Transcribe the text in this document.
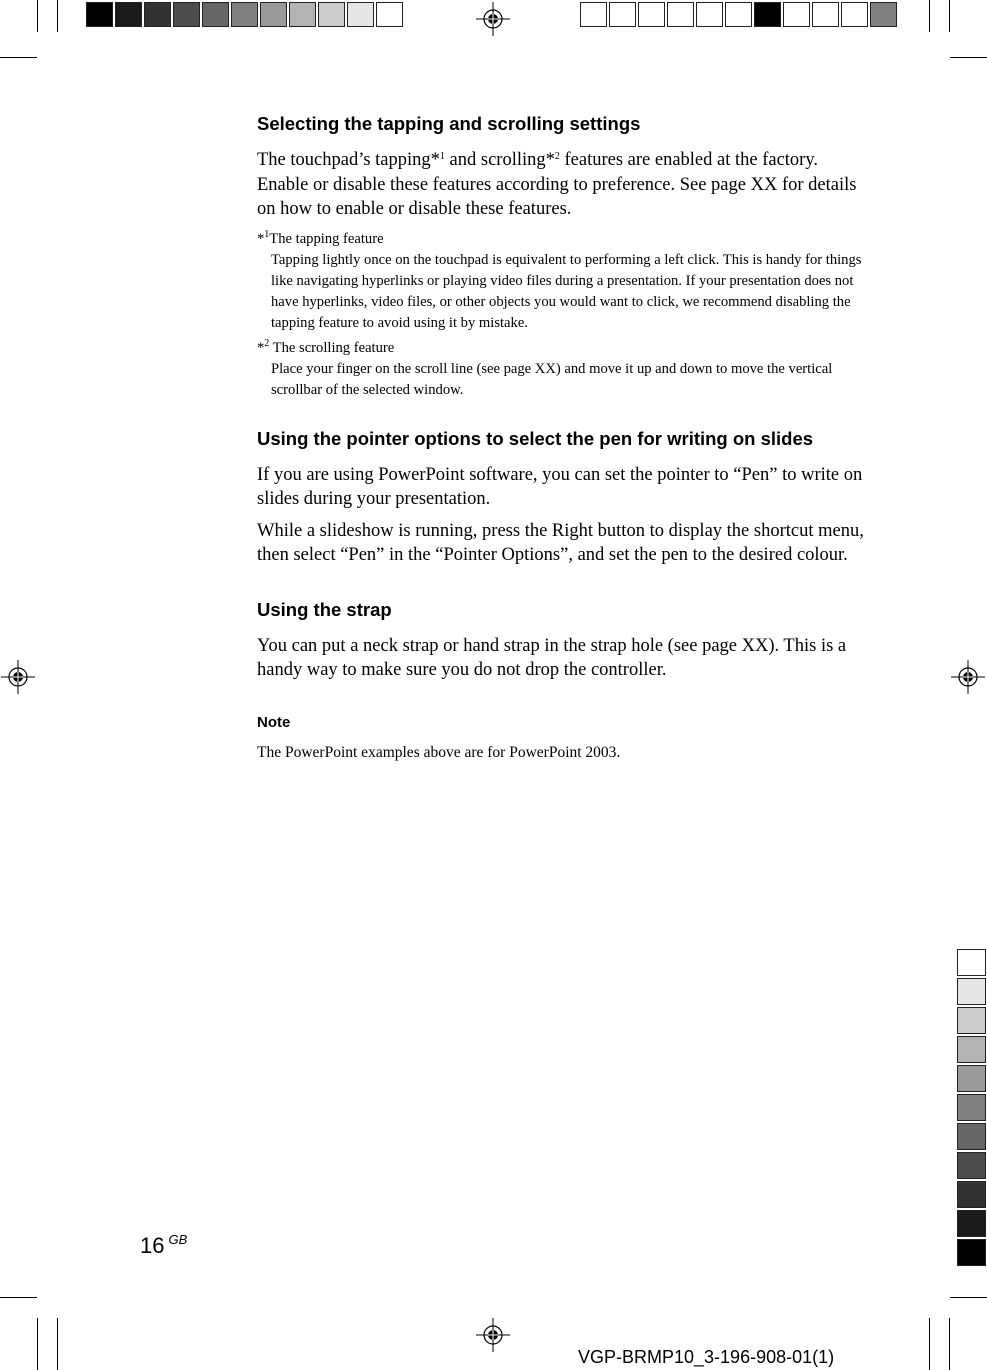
Selecting the tapping and scrolling settings

The touchpad’s tapping*$^1$ and scrolling*$^2$ features are enabled at the factory. Enable or disable these features according to preference. See page XX for details on how to enable or disable these features.

*$^1$The tapping feature

Tapping lightly once on the touchpad is equivalent to performing a left click. This is handy for things like navigating hyperlinks or playing video files during a presentation. If your presentation does not have hyperlinks, video files, or other objects you would want to click, we recommend disabling the tapping feature to avoid using it by mistake.

*$^2$ The scrolling feature

Place your finger on the scroll line (see page XX) and move it up and down to move the vertical scrollbar of the selected window.

Using the pointer options to select the pen for writing on slides

If you are using PowerPoint software, you can set the pointer to “Pen” to write on slides during your presentation.

While a slideshow is running, press the Right button to display the shortcut menu, then select “Pen” in the “Pointer Options”, and set the pen to the desired colour.

Using the strap

You can put a neck strap or hand strap in the strap hole (see page XX). This is a handy way to make sure you do not drop the controller.

Note

The PowerPoint examples above are for PowerPoint 2003.

16 $^{GB}$
VGP-BRMP10_3-196-908-01(1)
